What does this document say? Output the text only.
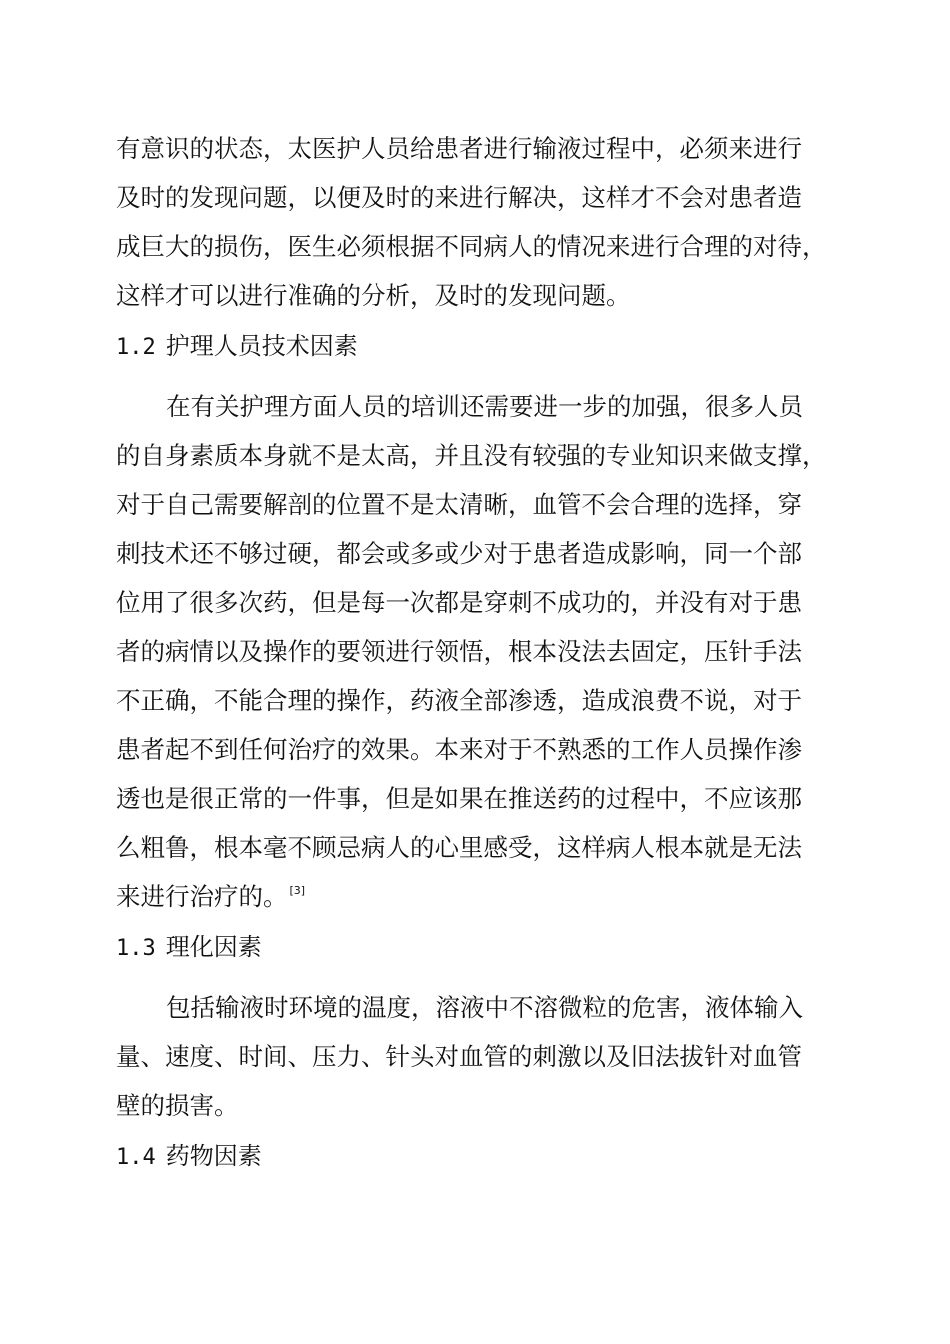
有意识的状态，太医护人员给患者进行输液过程中，必须来进行
及时的发现问题，以便及时的来进行解决，这样才不会对患者造
成巨大的损伤，医生必须根据不同病人的情况来进行合理的对待，
这样才可以进行准确的分析，及时的发现问题。
1.2 护理人员技术因素
在有关护理方面人员的培训还需要进一步的加强，很多人员
的自身素质本身就不是太高，并且没有较强的专业知识来做支撑，
对于自己需要解剖的位置不是太清晰，血管不会合理的选择，穿
刺技术还不够过硬，都会或多或少对于患者造成影响，同一个部
位用了很多次药，但是每一次都是穿刺不成功的，并没有对于患
者的病情以及操作的要领进行领悟，根本没法去固定，压针手法
不正确，不能合理的操作，药液全部渗透，造成浪费不说，对于
患者起不到任何治疗的效果。本来对于不熟悉的工作人员操作渗
透也是很正常的一件事，但是如果在推送药的过程中，不应该那
么粗鲁，根本毫不顾忌病人的心里感受，这样病人根本就是无法
来进行治疗的。 [3]
1.3 理化因素
包括输液时环境的温度，溶液中不溶微粒的危害，液体输入
量、速度、时间、压力、针头对血管的刺激以及旧法拔针对血管
壁的损害。
1.4 药物因素
